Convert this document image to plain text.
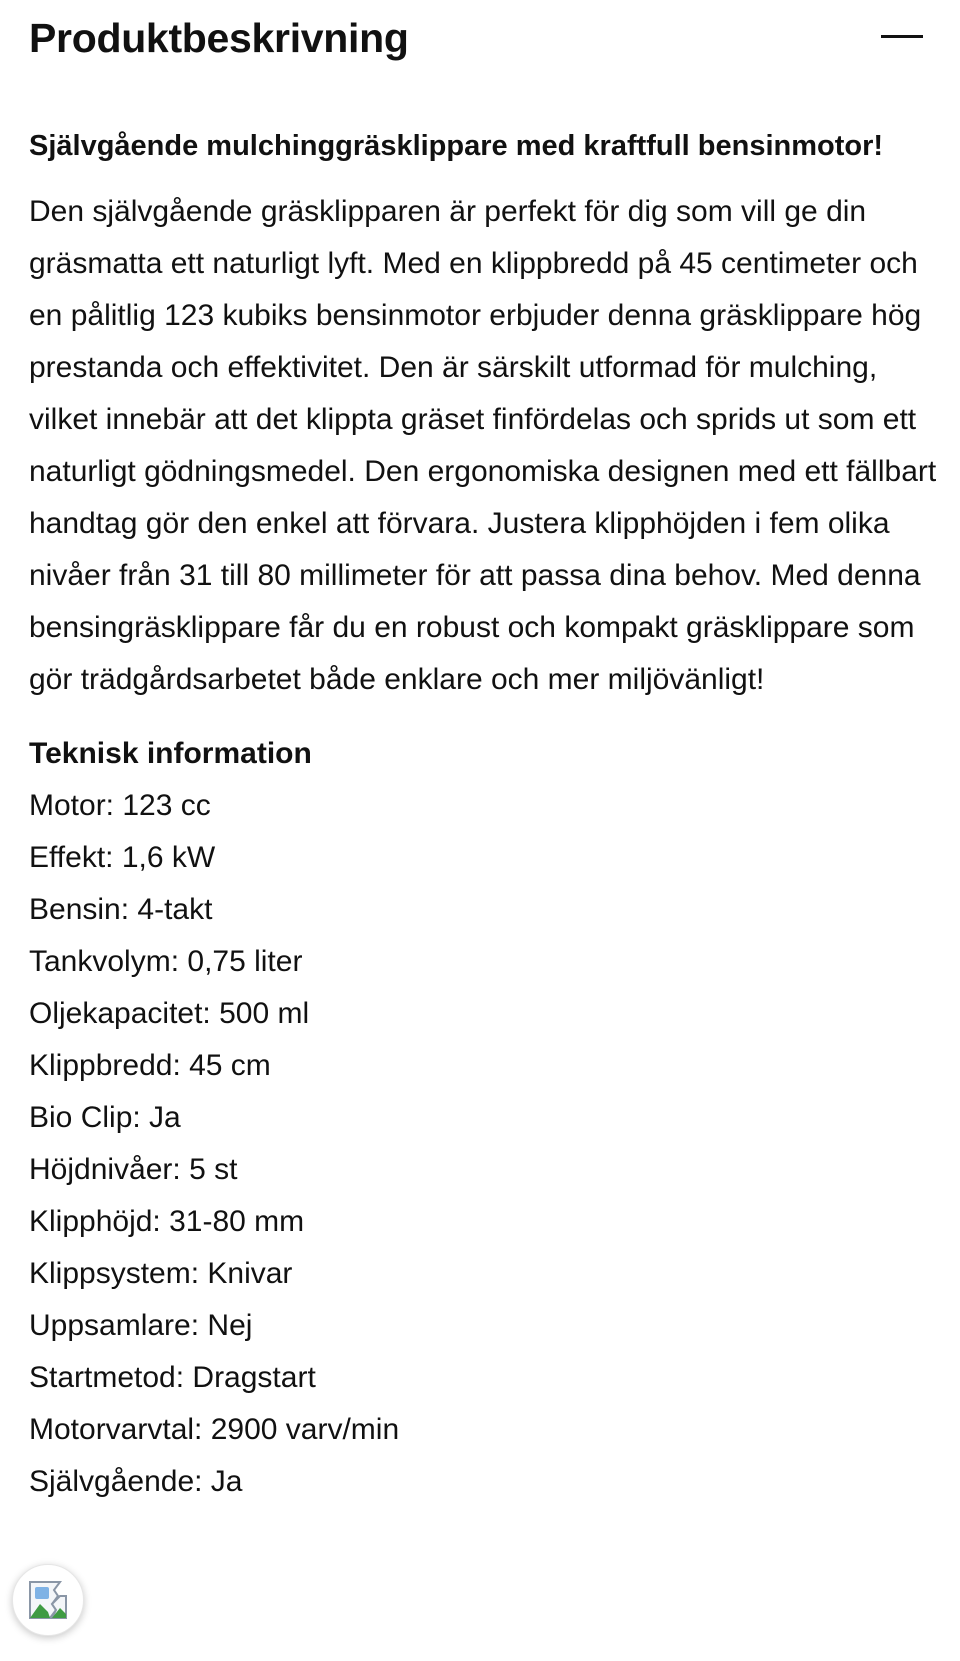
Produktbeskrivning
Självgående mulchinggräsklippare med kraftfull bensinmotor!

Den självgående gräsklipparen är perfekt för dig som vill ge din gräsmatta ett naturligt lyft. Med en klippbredd på 45 centimeter och en pålitlig 123 kubiks bensinmotor erbjuder denna gräsklippare hög prestanda och effektivitet. Den är särskilt utformad för mulching, vilket innebär att det klippta gräset finfördelas och sprids ut som ett naturligt gödningsmedel. Den ergonomiska designen med ett fällbart handtag gör den enkel att förvara. Justera klipphöjden i fem olika nivåer från 31 till 80 millimeter för att passa dina behov. Med denna bensingräsklippare får du en robust och kompakt gräsklippare som gör trädgårdsarbetet både enklare och mer miljövänligt!

Teknisk information
Motor: 123 cc
Effekt: 1,6 kW
Bensin: 4-takt
Tankvolym: 0,75 liter
Oljekapacitet: 500 ml
Klippbredd: 45 cm
Bio Clip: Ja
Höjdnivåer: 5 st
Klipphöjd: 31-80 mm
Klippsystem: Knivar
Uppsamlare: Nej
Startmetod: Dragstart
Motorvarvtal: 2900 varv/min
Självgående: Ja
